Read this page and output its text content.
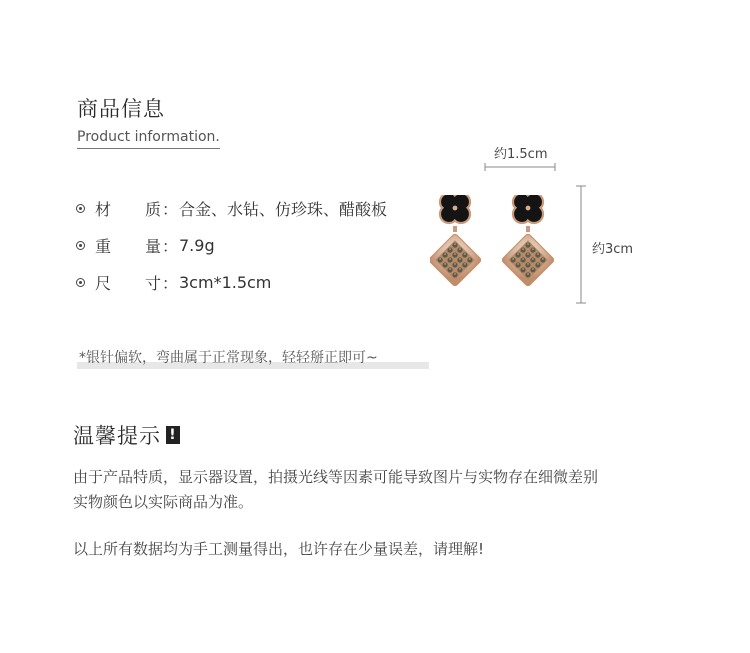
商品信息
Product information.
材 质 ： 合金、水钻、仿珍珠、醋酸板
重 量 ： 7.9g
尺 寸 ： 3cm*1.5cm
约1.5cm
约3cm
*银针偏软，弯曲属于正常现象，轻轻掰正即可~
温馨提示 !
由于产品特质，显示器设置，拍摄光线等因素可能导致图片与实物存在细微差别
实物颜色以实际商品为准。
以上所有数据均为手工测量得出，也许存在少量误差，请理解!
